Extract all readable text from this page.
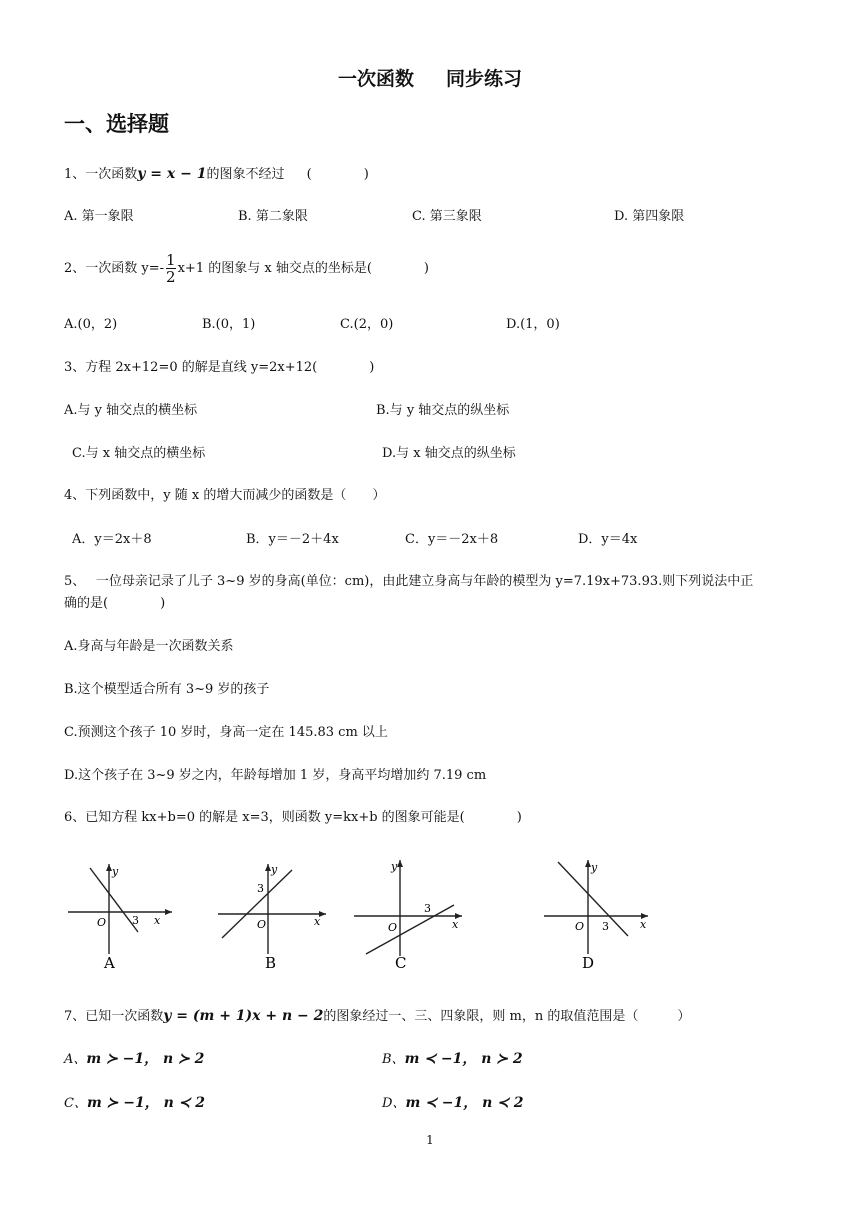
一次函数 同步练习
一、选择题
1、一次函数y = x − 1的图象不经过 (　　　　)
A. 第一象限	B. 第二象限	C. 第三象限	D. 第四象限
2、一次函数 $y=- \frac{1}{2} x+1$ 的图象与 x 轴交点的坐标是(　　　　)
A.(0，2)	B.(0，1)	C.(2，0)	D.(1，0)
3、方程 2x+12=0 的解是直线 y=2x+12(　　　　)
A.与 y 轴交点的横坐标	B.与 y 轴交点的纵坐标
C.与 x 轴交点的横坐标	D.与 x 轴交点的纵坐标
4、下列函数中，y 随 x 的增大而减少的函数是（　　）
A．y＝2x＋8	B．y＝－2＋4x	C．y＝－2x＋8	D．y＝4x
5、　 一位母亲记录了儿子 3~9 岁的身高(单位：cm)，由此建立身高与年龄的模型为 y=7.19x+73.93.则下列说法中正
确的是(　　　　)
A.身高与年龄是一次函数关系
B.这个模型适合所有 3~9 岁的孩子
C.预测这个孩子 10 岁时，身高一定在 145.83 cm 以上
D.这个孩子在 3~9 岁之内，年龄每增加 1 岁，身高平均增加约 7.19 cm
6、已知方程 kx+b=0 的解是 x=3，则函数 y=kx+b 的图象可能是(　　　　)
y
O 3 x
A
y
3
O	x
B
y
3
O	x
C
y
O 3	x
D
7、已知一次函数y = (m + 1)x + n − 2的图象经过一、三、四象限，则 m，n 的取值范围是（　　　）
A、m ≻ −1， n ≻ 2	B、m ≺ −1， n ≻ 2
C、m ≻ −1， n ≺ 2	D、m ≺ −1， n ≺ 2
1
